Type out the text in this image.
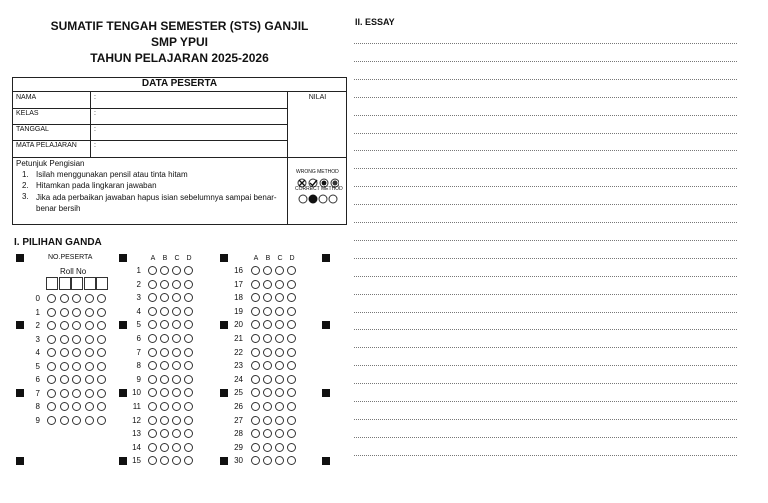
SUMATIF TENGAH SEMESTER (STS) GANJIL
SMP YPUI
TAHUN PELAJARAN 2025-2026
DATA PESERTA
NAMA	:
KELAS	:
TANGGAL	:
MATA PELAJARAN :
NILAI
Petunjuk Pengisian
1. Isilah menggunakan pensil atau tinta hitam
2. Hitamkan pada lingkaran jawaban
3. Jika ada perbaikan jawaban hapus isian sebelumnya sampai benar-benar bersih
WRONG METHOD
CORRECT METHOD
I. PILIHAN GANDA
NO.PESERTA
Roll No
0
1
2
3
4
5
6
7
8
9
A	B	C D
1
2
3
4
5
6
7
8
9
10
11
12
13
14
15
A	B	C D
16
17
18
19
20
21
22
23
24
25
26
27
28
29
30
II. ESSAY
